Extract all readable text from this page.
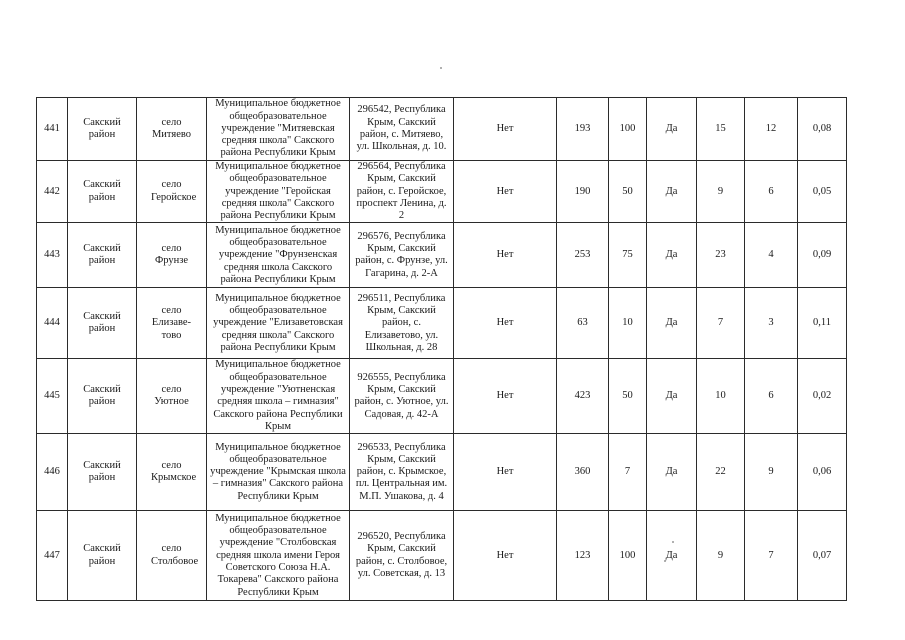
441	Сакский район	село Митяево	Муниципальное бюджетное общеобразовательное учреждение "Митяевская средняя школа" Сакского района Республики Крым	296542, Республика Крым, Сакский район, с. Митяево, ул. Школьная, д. 10.	Нет	193	100	Да	15	12	0,08
442	Сакский район	село Геройское	Муниципальное бюджетное общеобразовательное учреждение "Геройская средняя школа" Сакского района Республики Крым	296564, Республика Крым, Сакский район, с. Геройское, проспект Ленина, д. 2	Нет	190	50	Да	9	6	0,05
443	Сакский район	село Фрунзе	Муниципальное бюджетное общеобразовательное учреждение "Фрунзенская средняя школа Сакского района Республики Крым	296576, Республика Крым, Сакский район, с. Фрунзе, ул. Гагарина, д. 2-А	Нет	253	75	Да	23	4	0,09
444	Сакский район	село Елизаве-тово	Муниципальное бюджетное общеобразовательное учреждение "Елизаветовская средняя школа" Сакского района Республики Крым	296511, Республика Крым, Сакский район, с. Елизаветово, ул. Школьная, д. 28	Нет	63	10	Да	7	3	0,11
445	Сакский район	село Уютное	Муниципальное бюджетное общеобразовательное учреждение "Уютненская средняя школа – гимназия" Сакского района Республики Крым	926555, Республика Крым, Сакский район, с. Уютное, ул. Садовая, д. 42-А	Нет	423	50	Да	10	6	0,02
446	Сакский район	село Крымское	Муниципальное бюджетное общеобразовательное учреждение "Крымская школа – гимназия" Сакского района Республики Крым	296533, Республика Крым, Сакский район, с. Крымское, пл. Центральная им. М.П. Ушакова, д. 4	Нет	360	7	Да	22	9	0,06
447	Сакский район	село Столбовое	Муниципальное бюджетное общеобразовательное учреждение "Столбовская средняя школа имени Героя Советского Союза Н.А. Токарева" Сакского района Республики Крым	296520, Республика Крым, Сакский район, с. Столбовое, ул. Советская, д. 13	Нет	123	100	Да	9	7	0,07
